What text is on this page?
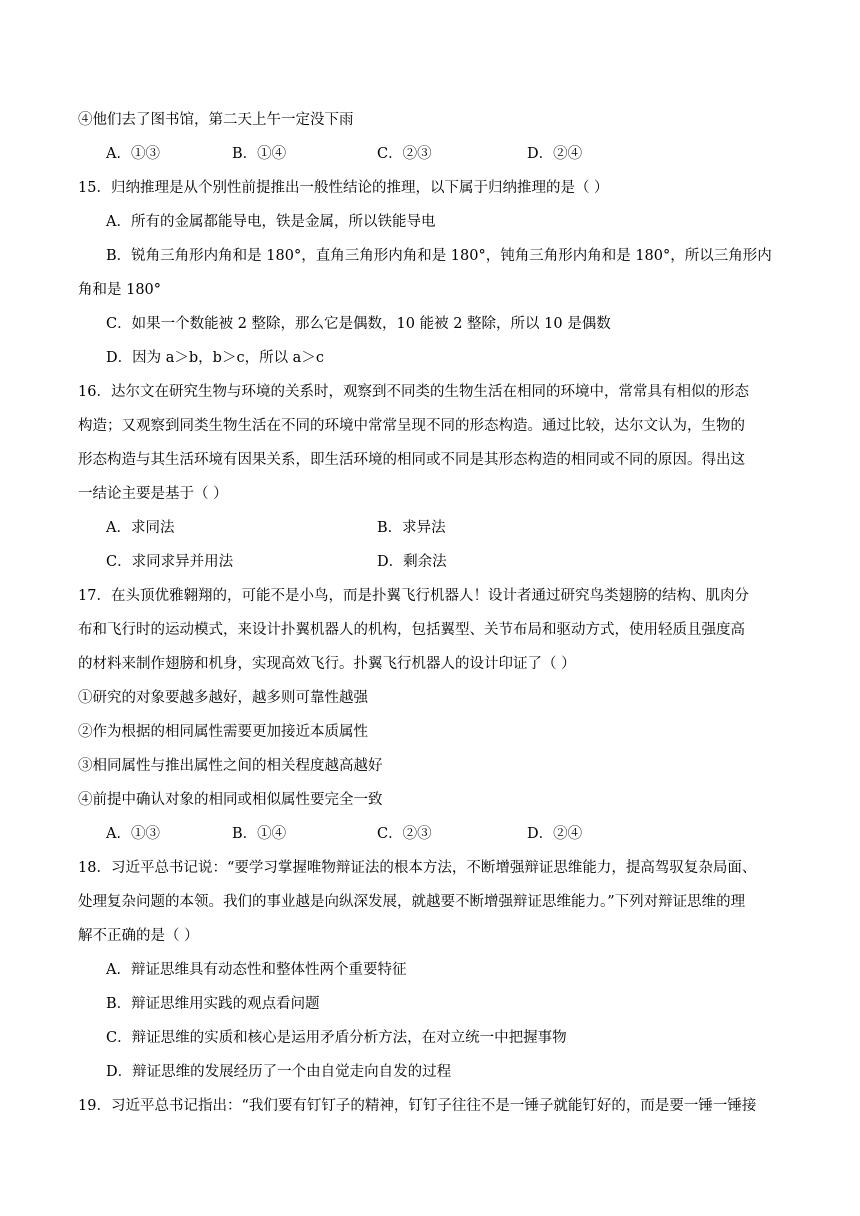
④他们去了图书馆，第二天上午一定没下雨
A．①③	B．①④	C．②③	D．②④
15．归纳推理是从个别性前提推出一般性结论的推理，以下属于归纳推理的是（ ）
A．所有的金属都能导电，铁是金属，所以铁能导电
B．锐角三角形内角和是 180°，直角三角形内角和是 180°，钝角三角形内角和是 180°，所以三角形内
角和是 180°
C．如果一个数能被 2 整除，那么它是偶数，10 能被 2 整除，所以 10 是偶数
D．因为 a＞b，b＞c，所以 a＞c
16．达尔文在研究生物与环境的关系时，观察到不同类的生物生活在相同的环境中，常常具有相似的形态
构造；又观察到同类生物生活在不同的环境中常常呈现不同的形态构造。通过比较，达尔文认为，生物的
形态构造与其生活环境有因果关系，即生活环境的相同或不同是其形态构造的相同或不同的原因。得出这
一结论主要是基于（ ）
A．求同法	B．求异法
C．求同求异并用法	D．剩余法
17．在头顶优雅翱翔的，可能不是小鸟，而是扑翼飞行机器人！设计者通过研究鸟类翅膀的结构、肌肉分
布和飞行时的运动模式，来设计扑翼机器人的机构，包括翼型、关节布局和驱动方式，使用轻质且强度高
的材料来制作翅膀和机身，实现高效飞行。扑翼飞行机器人的设计印证了（ ）
①研究的对象要越多越好，越多则可靠性越强
②作为根据的相同属性需要更加接近本质属性
③相同属性与推出属性之间的相关程度越高越好
④前提中确认对象的相同或相似属性要完全一致
A．①③	B．①④	C．②③	D．②④
18．习近平总书记说：“要学习掌握唯物辩证法的根本方法，不断增强辩证思维能力，提高驾驭复杂局面、
处理复杂问题的本领。我们的事业越是向纵深发展，就越要不断增强辩证思维能力。”下列对辩证思维的理
解不正确的是（ ）
A．辩证思维具有动态性和整体性两个重要特征
B．辩证思维用实践的观点看问题
C．辩证思维的实质和核心是运用矛盾分析方法，在对立统一中把握事物
D．辩证思维的发展经历了一个由自觉走向自发的过程
19．习近平总书记指出：“我们要有钉钉子的精神，钉钉子往往不是一锤子就能钉好的，而是要一锤一锤接
